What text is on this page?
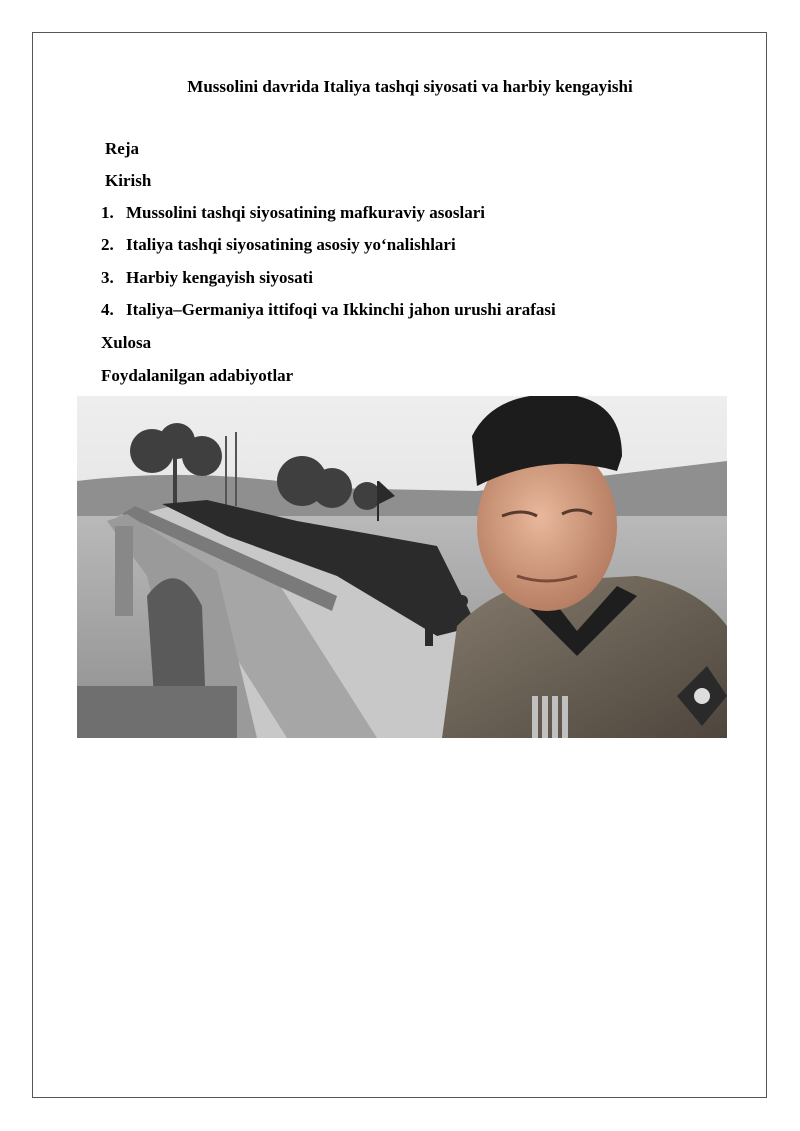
Mussolini davrida Italiya tashqi siyosati va harbiy kengayishi
Reja
Kirish
1. Mussolini tashqi siyosatining mafkuraviy asoslari
2. Italiya tashqi siyosatining asosiy yo‘nalishlari
3. Harbiy kengayish siyosati
4. Italiya–Germaniya ittifoqi va Ikkinchi jahon urushi arafasi
Xulosa
Foydalanilgan adabiyotlar
